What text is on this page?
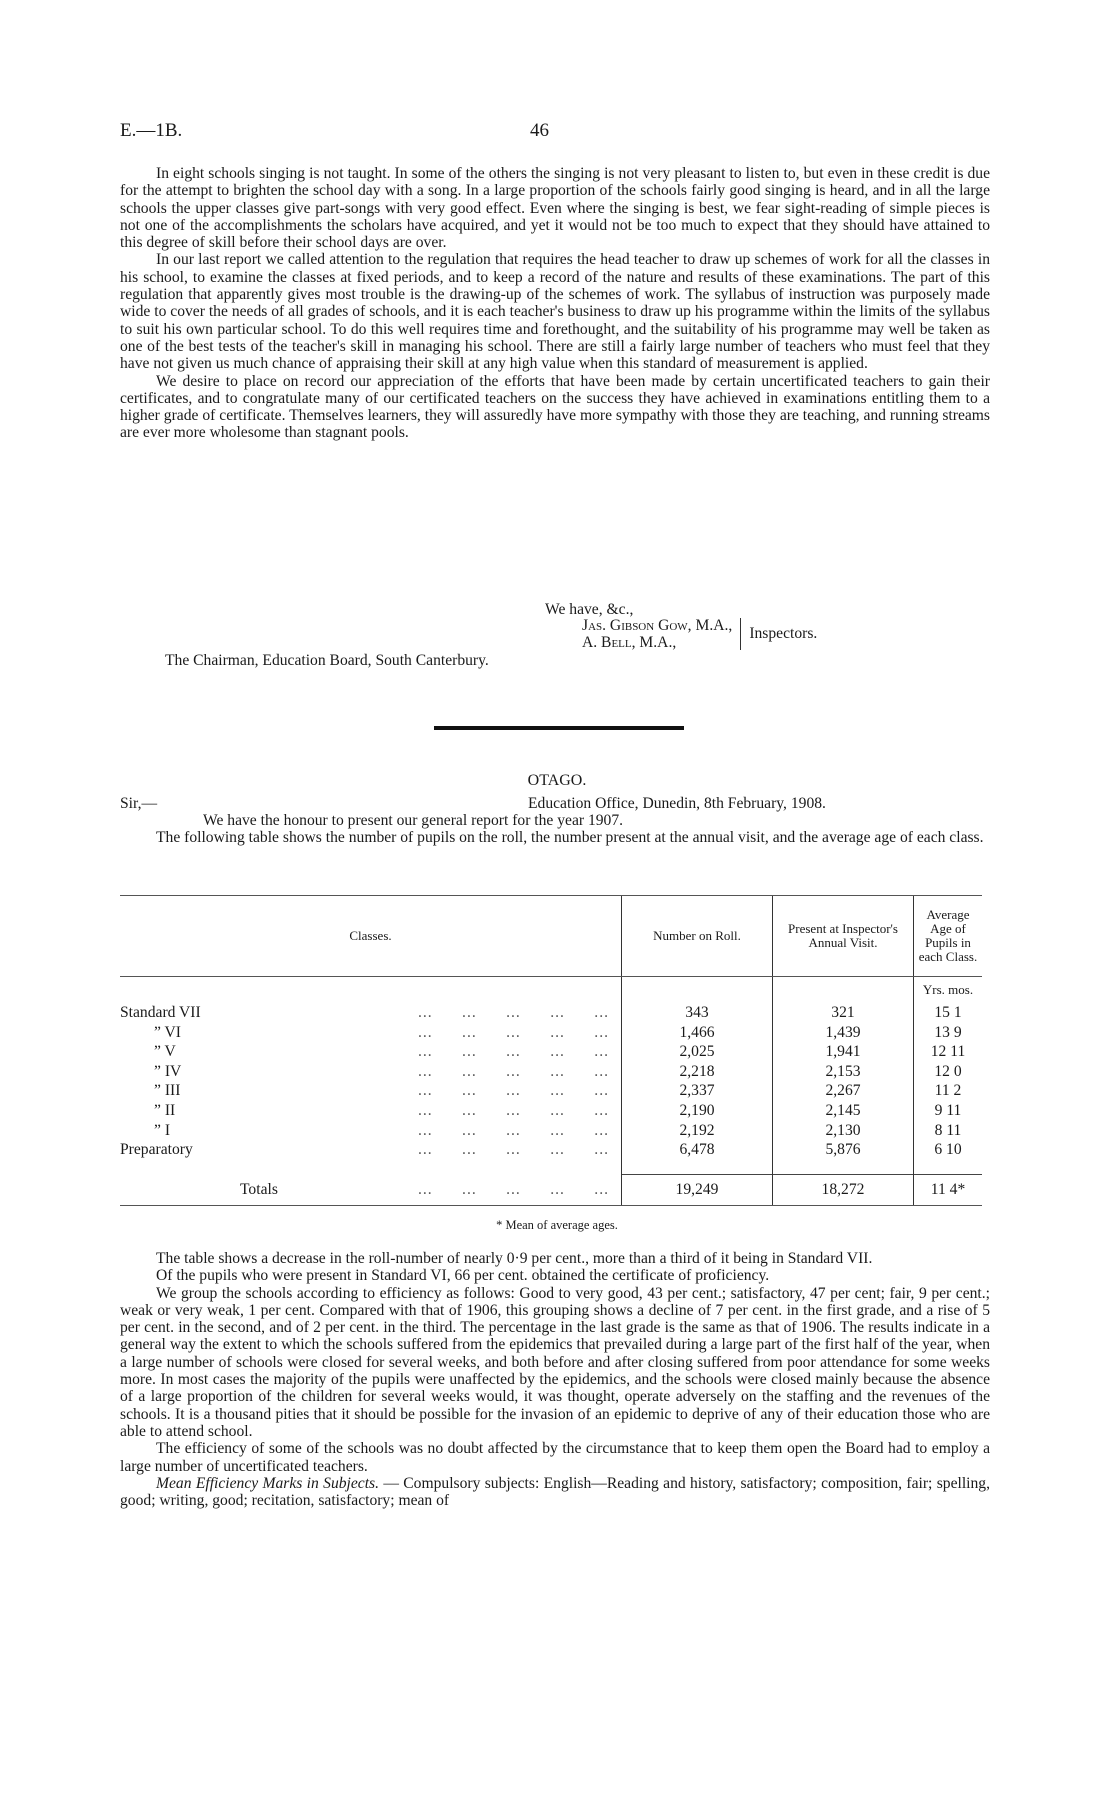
E.—1B.	46

In eight schools singing is not taught. In some of the others the singing is not very pleasant to listen to, but even in these credit is due for the attempt to brighten the school day with a song. In a large proportion of the schools fairly good singing is heard, and in all the large schools the upper classes give part-songs with very good effect. Even where the singing is best, we fear sight-reading of simple pieces is not one of the accomplishments the scholars have acquired, and yet it would not be too much to expect that they should have attained to this degree of skill before their school days are over.

In our last report we called attention to the regulation that requires the head teacher to draw up schemes of work for all the classes in his school, to examine the classes at fixed periods, and to keep a record of the nature and results of these examinations. The part of this regulation that apparently gives most trouble is the drawing-up of the schemes of work. The syllabus of instruction was purposely made wide to cover the needs of all grades of schools, and it is each teacher's business to draw up his programme within the limits of the syllabus to suit his own particular school. To do this well requires time and forethought, and the suitability of his programme may well be taken as one of the best tests of the teacher's skill in managing his school. There are still a fairly large number of teachers who must feel that they have not given us much chance of appraising their skill at any high value when this standard of measurement is applied.

We desire to place on record our appreciation of the efforts that have been made by certain uncertificated teachers to gain their certificates, and to congratulate many of our certificated teachers on the success they have achieved in examinations entitling them to a higher grade of certificate. Themselves learners, they will assuredly have more sympathy with those they are teaching, and running streams are ever more wholesome than stagnant pools.

We have, &c.,
Jas. Gibson Gow, M.A.,
A. Bell, M.A.,
Inspectors.
The Chairman, Education Board, South Canterbury.
OTAGO.
Sir,—	Education Office, Dunedin, 8th February, 1908.
We have the honour to present our general report for the year 1907.

The following table shows the number of pupils on the roll, the number present at the annual visit, and the average age of each class.

Classes.	Number on Roll.	Present at Inspector's Annual Visit.	Average Age of Pupils in each Class.
			Yrs. mos.
Standard VII ...      ...      ...      ...      ...	343	321	15 1
” VI ...      ...      ...      ...      ...	1,466	1,439	13 9
” V ...      ...      ...      ...      ...	2,025	1,941	12 11
” IV ...      ...      ...      ...      ...	2,218	2,153	12 0
” III ...      ...      ...      ...      ...	2,337	2,267	11 2
” II ...      ...      ...      ...      ...	2,190	2,145	9 11
” I ...      ...      ...      ...      ...	2,192	2,130	8 11
Preparatory ...      ...      ...      ...      ...	6,478	5,876	6 10

Totals ...      ...      ...      ...      ...	19,249	18,272	11 4*
* Mean of average ages.

The table shows a decrease in the roll-number of nearly 0·9 per cent., more than a third of it being in Standard VII.

Of the pupils who were present in Standard VI, 66 per cent. obtained the certificate of proficiency.

We group the schools according to efficiency as follows: Good to very good, 43 per cent.; satisfactory, 47 per cent; fair, 9 per cent.; weak or very weak, 1 per cent. Compared with that of 1906, this grouping shows a decline of 7 per cent. in the first grade, and a rise of 5 per cent. in the second, and of 2 per cent. in the third. The percentage in the last grade is the same as that of 1906. The results indicate in a general way the extent to which the schools suffered from the epidemics that prevailed during a large part of the first half of the year, when a large number of schools were closed for several weeks, and both before and after closing suffered from poor attendance for some weeks more. In most cases the majority of the pupils were unaffected by the epidemics, and the schools were closed mainly because the absence of a large proportion of the children for several weeks would, it was thought, operate adversely on the staffing and the revenues of the schools. It is a thousand pities that it should be possible for the invasion of an epidemic to deprive of any of their education those who are able to attend school.

The efficiency of some of the schools was no doubt affected by the circumstance that to keep them open the Board had to employ a large number of uncertificated teachers.

Mean Efficiency Marks in Subjects. — Compulsory subjects: English—Reading and history, satisfactory; composition, fair; spelling, good; writing, good; recitation, satisfactory; mean of
